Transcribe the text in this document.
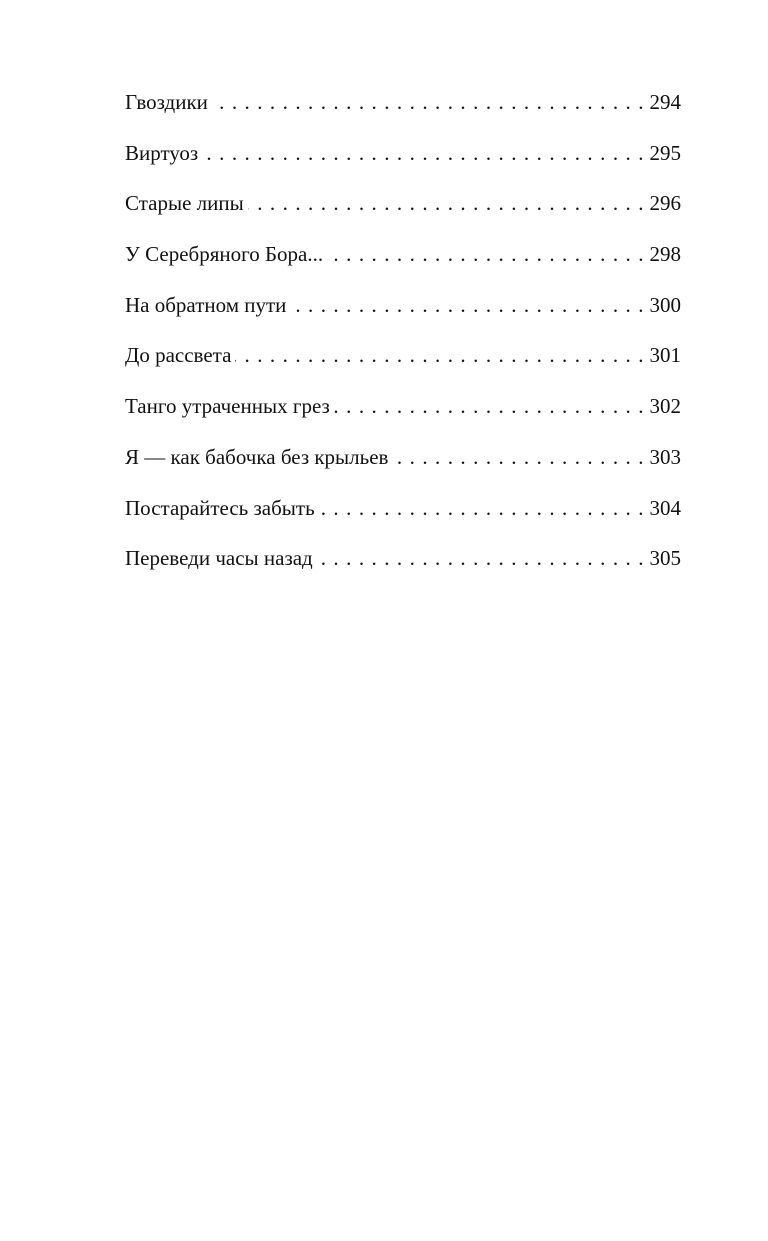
Гвоздики . . .	294
Виртуоз . . .	295
Старые липы . . .	296
У Серебряного Бора... . . .	298
На обратном пути . . .	300
До рассвета . . .	301
Танго утраченных грез . . .	302
Я — как бабочка без крыльев . . .	303
Постарайтесь забыть . . .	304
Переведи часы назад . . .	305
